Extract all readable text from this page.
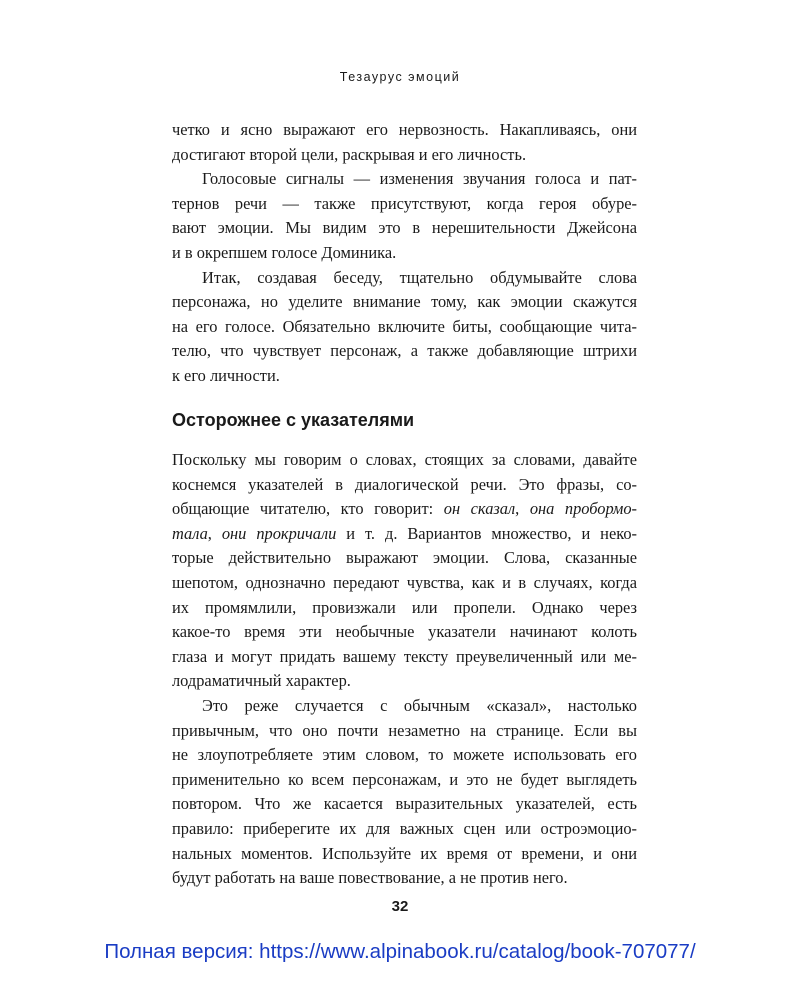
Тезаурус эмоций
четко и ясно выражают его нервозность. Накапливаясь, они
достигают второй цели, раскрывая и его личность.
Голосовые сигналы — изменения звучания голоса и пат-
тернов речи — также присутствуют, когда героя обуре-
вают эмоции. Мы видим это в нерешительности Джейсона
и в окрепшем голосе Доминика.
Итак, создавая беседу, тщательно обдумывайте слова
персонажа, но уделите внимание тому, как эмоции скажутся
на его голосе. Обязательно включите биты, сообщающие чита-
телю, что чувствует персонаж, а также добавляющие штрихи
к его личности.
Осторожнее с указателями
Поскольку мы говорим о словах, стоящих за словами, давайте
коснемся указателей в диалогической речи. Это фразы, со-
общающие читателю, кто говорит: он сказал, она пробормо-
тала, они прокричали и т. д. Вариантов множество, и неко-
торые действительно выражают эмоции. Слова, сказанные
шепотом, однозначно передают чувства, как и в случаях, когда
их промямлили, провизжали или пропели. Однако через
какое-то время эти необычные указатели начинают колоть
глаза и могут придать вашему тексту преувеличенный или ме-
лодраматичный характер.
Это реже случается с обычным «сказал», настолько
привычным, что оно почти незаметно на странице. Если вы
не злоупотребляете этим словом, то можете использовать его
применительно ко всем персонажам, и это не будет выглядеть
повтором. Что же касается выразительных указателей, есть
правило: приберегите их для важных сцен или остроэмоцио-
нальных моментов. Используйте их время от времени, и они
будут работать на ваше повествование, а не против него.
32
Полная версия: https://www.alpinabook.ru/catalog/book-707077/
